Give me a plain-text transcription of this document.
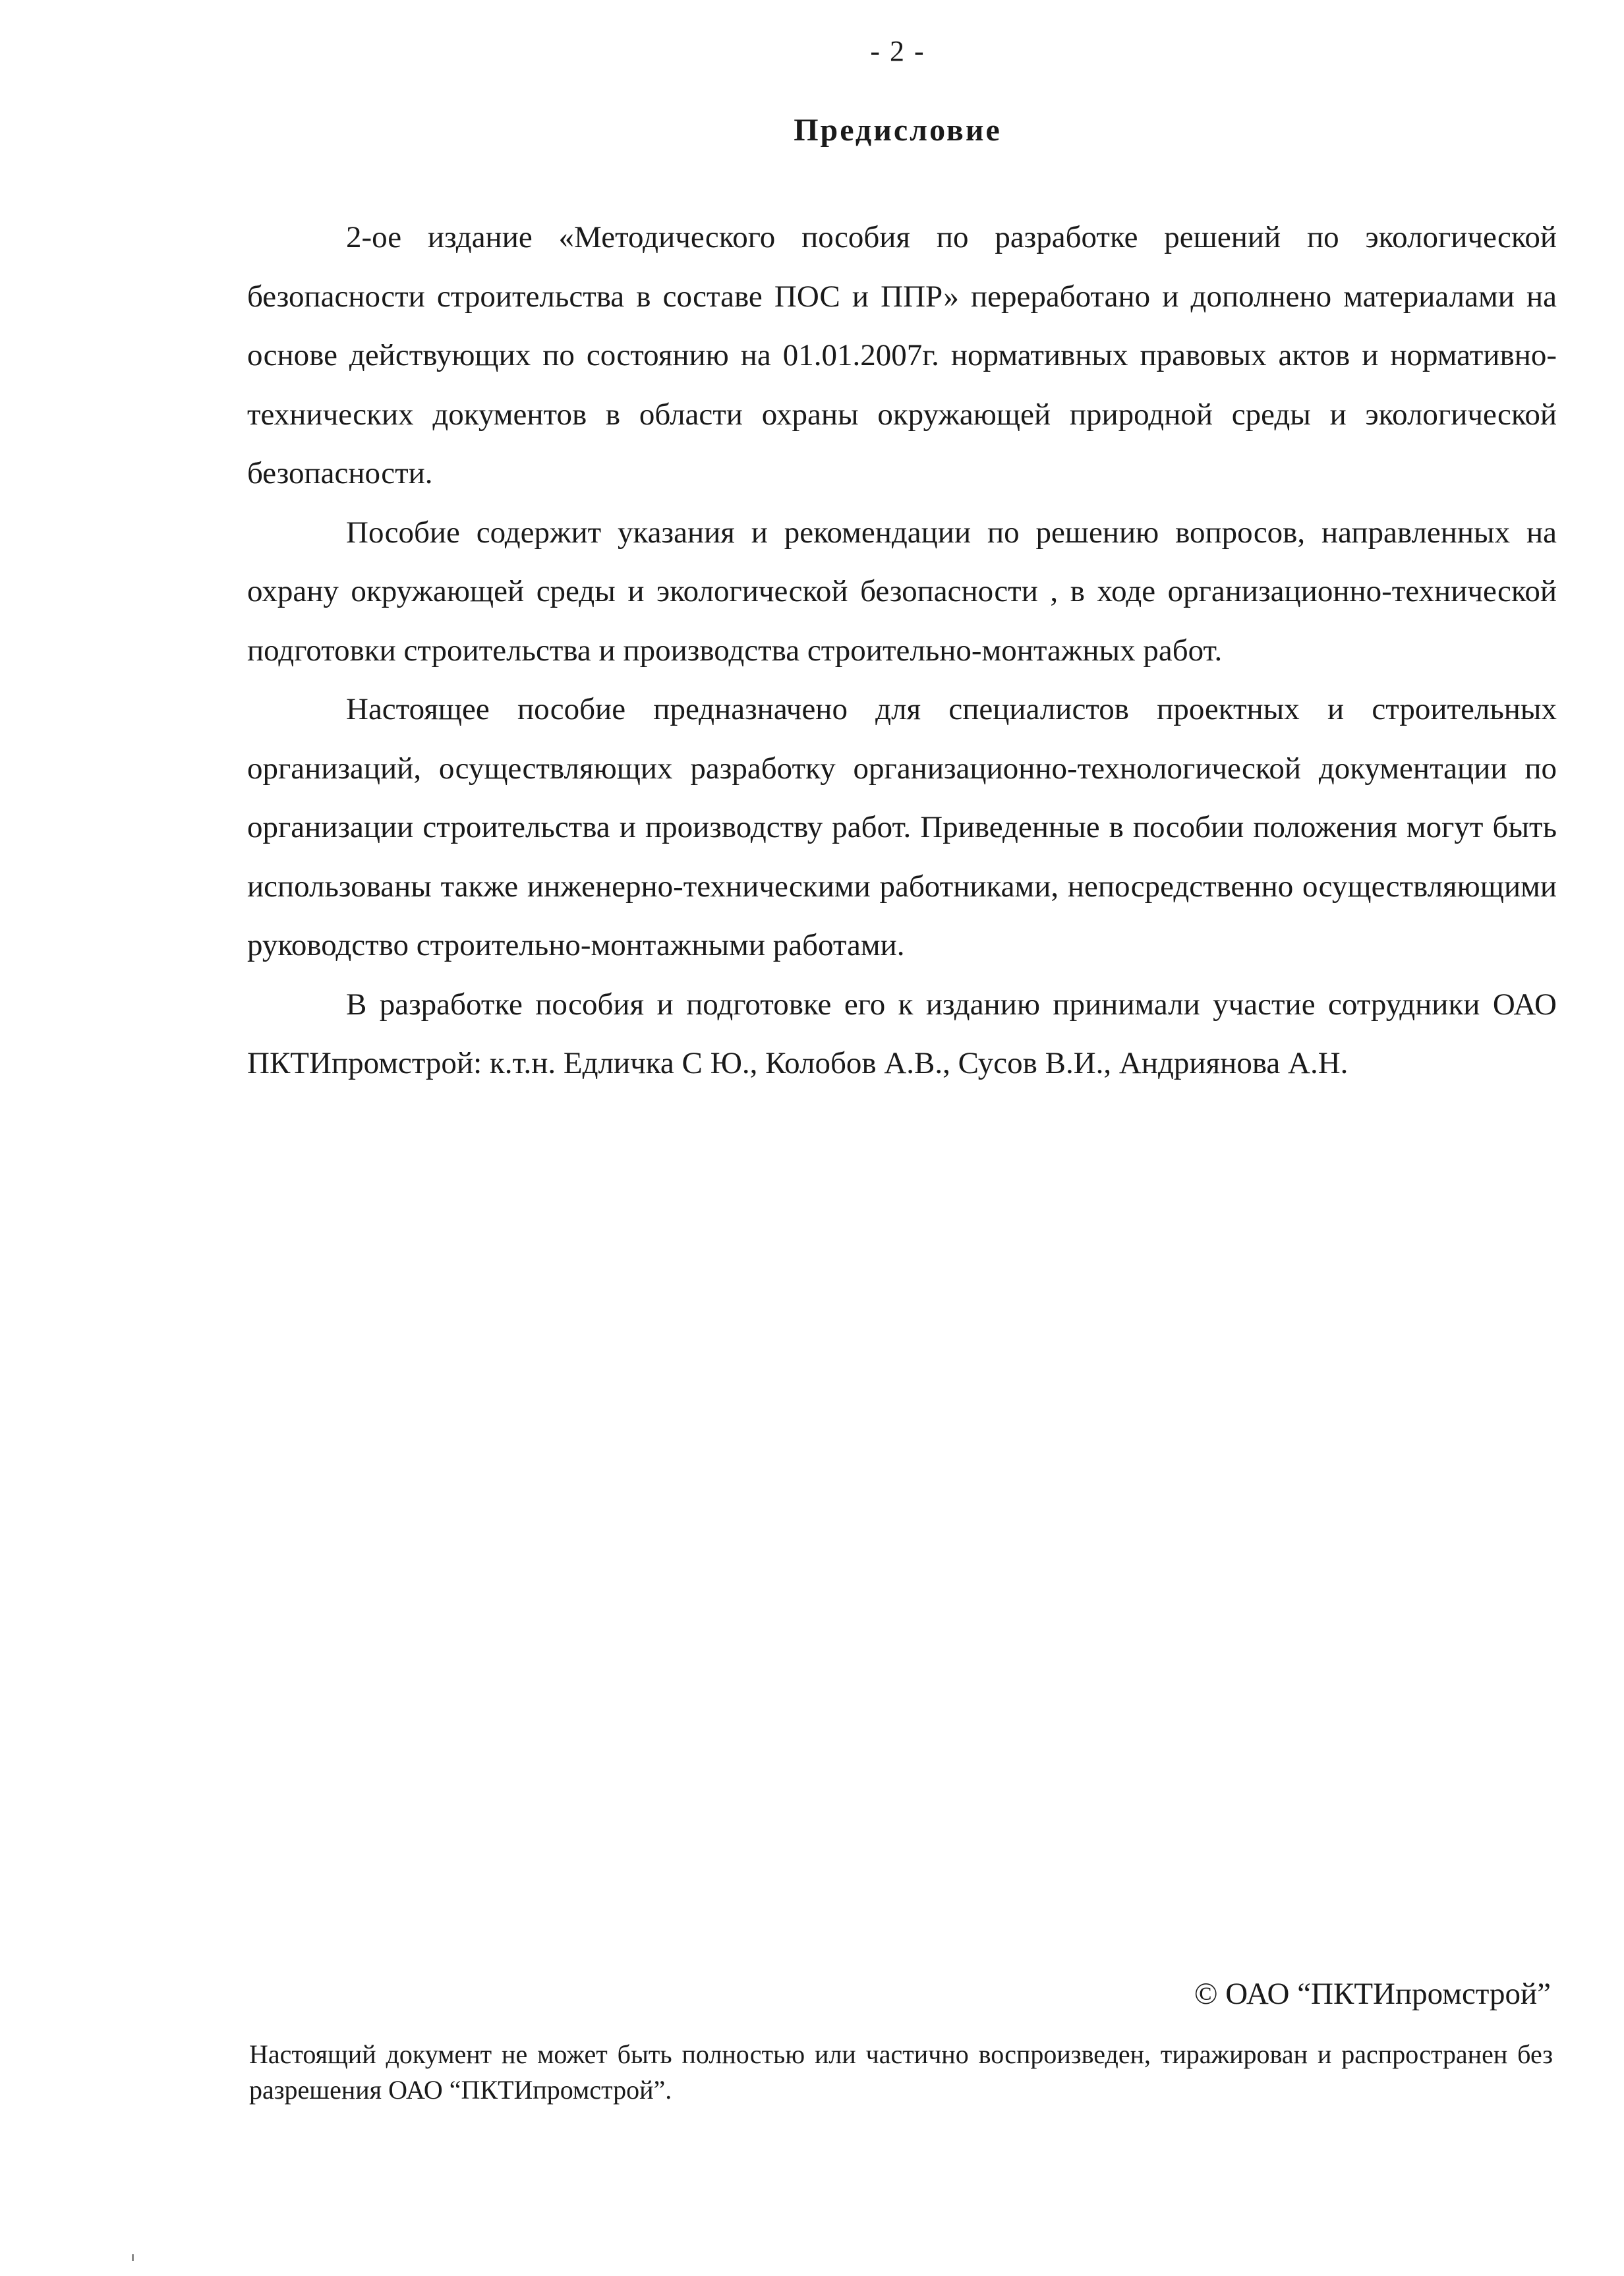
- 2 -
Предисловие

2-ое издание «Методического пособия по разработке решений по экологической безопасности строительства в составе ПОС и ППР» переработано и дополнено материалами на основе действующих по состоянию на 01.01.2007г. нормативных правовых актов и нормативно-технических документов в области охраны окружающей природной среды и экологической безопасности.

Пособие содержит указания и рекомендации по решению вопросов, направленных на охрану окружающей среды и экологической безопасности , в ходе организационно-технической подготовки строительства и производства строительно-монтажных работ.

Настоящее пособие предназначено для специалистов проектных и строительных организаций, осуществляющих разработку организационно-технологической документации по организации строительства и производству работ. Приведенные в пособии положения могут быть использованы также инженерно-техническими работниками, непосредственно осуществляющими руководство строительно-монтажными работами.

В разработке пособия и подготовке его к изданию принимали участие сотрудники ОАО ПКТИпромстрой: к.т.н. Едличка С Ю., Колобов А.В., Сусов В.И., Андриянова А.Н.

© ОАО “ПКТИпромстрой”
Настоящий документ не может быть полностью или частично воспроизведен, тиражирован и распространен без разрешения ОАО “ПКТИпромстрой”.
